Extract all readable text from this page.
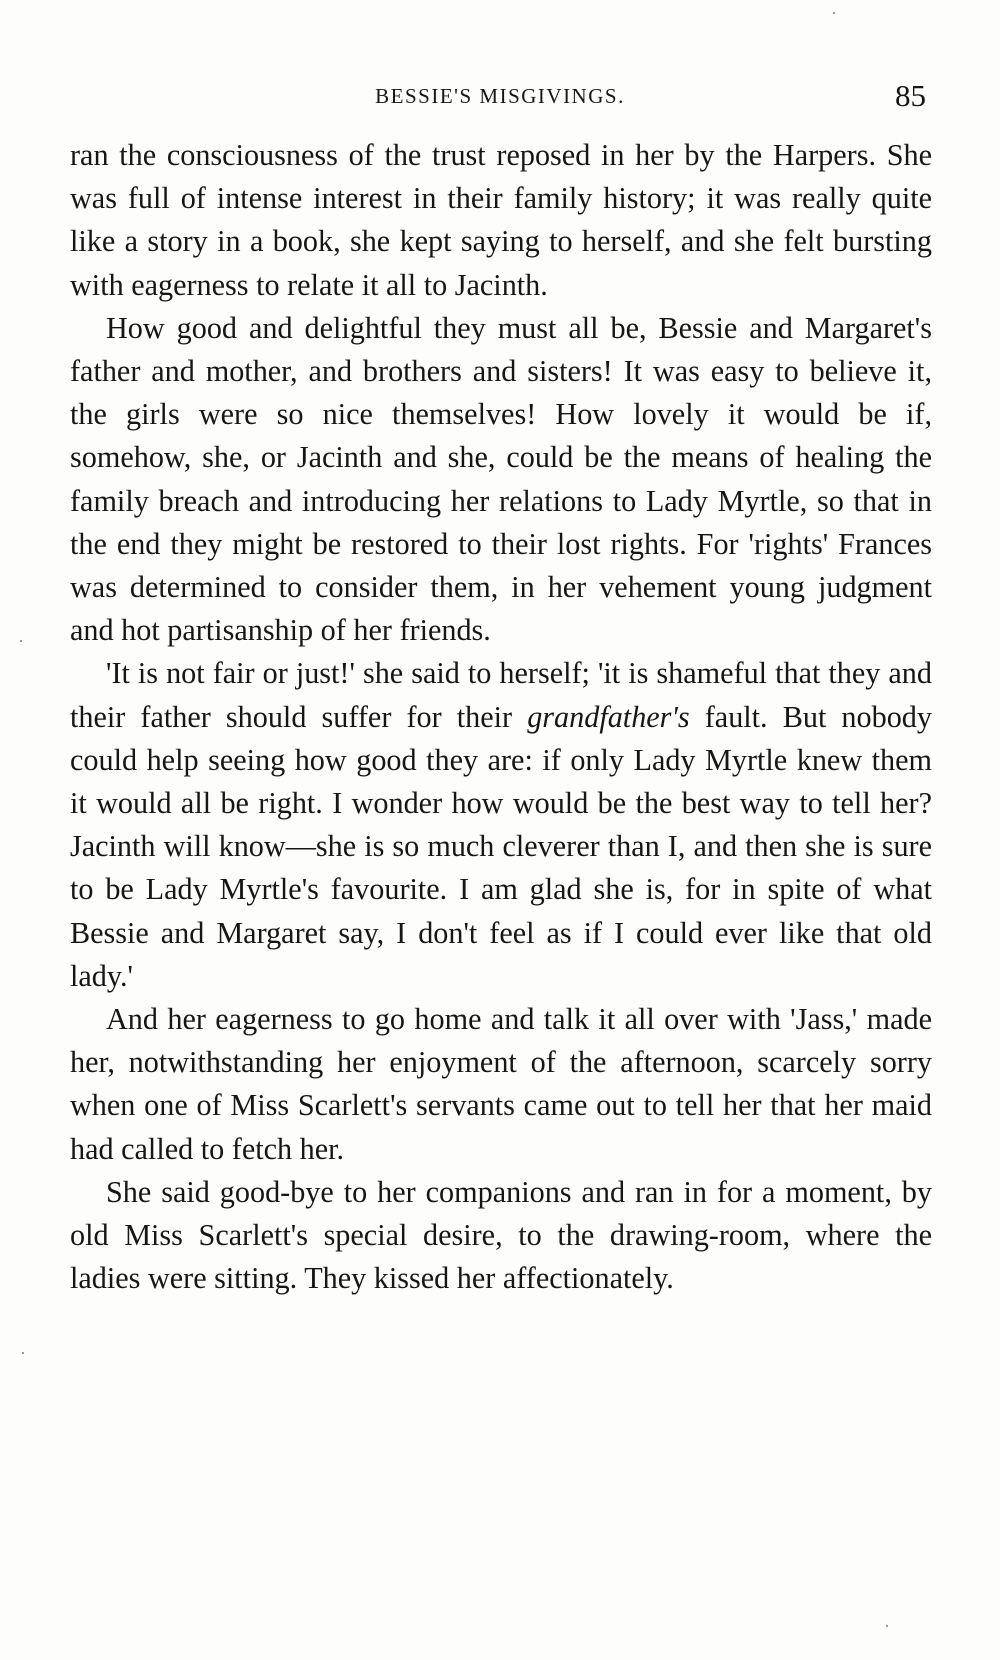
BESSIE'S MISGIVINGS.	85

ran the consciousness of the trust reposed in her by the Harpers. She was full of intense interest in their family history; it was really quite like a story in a book, she kept saying to herself, and she felt bursting with eagerness to relate it all to Jacinth.

How good and delightful they must all be, Bessie and Margaret's father and mother, and brothers and sisters! It was easy to believe it, the girls were so nice themselves! How lovely it would be if, somehow, she, or Jacinth and she, could be the means of healing the family breach and introducing her relations to Lady Myrtle, so that in the end they might be restored to their lost rights. For 'rights' Frances was determined to consider them, in her vehement young judgment and hot partisanship of her friends.

'It is not fair or just!' she said to herself; 'it is shameful that they and their father should suffer for their grandfather's fault. But nobody could help seeing how good they are: if only Lady Myrtle knew them it would all be right. I wonder how would be the best way to tell her? Jacinth will know—she is so much cleverer than I, and then she is sure to be Lady Myrtle's favourite. I am glad she is, for in spite of what Bessie and Margaret say, I don't feel as if I could ever like that old lady.'

And her eagerness to go home and talk it all over with 'Jass,' made her, notwithstanding her enjoyment of the afternoon, scarcely sorry when one of Miss Scarlett's servants came out to tell her that her maid had called to fetch her.

She said good-bye to her companions and ran in for a moment, by old Miss Scarlett's special desire, to the drawing-room, where the ladies were sitting. They kissed her affectionately.
